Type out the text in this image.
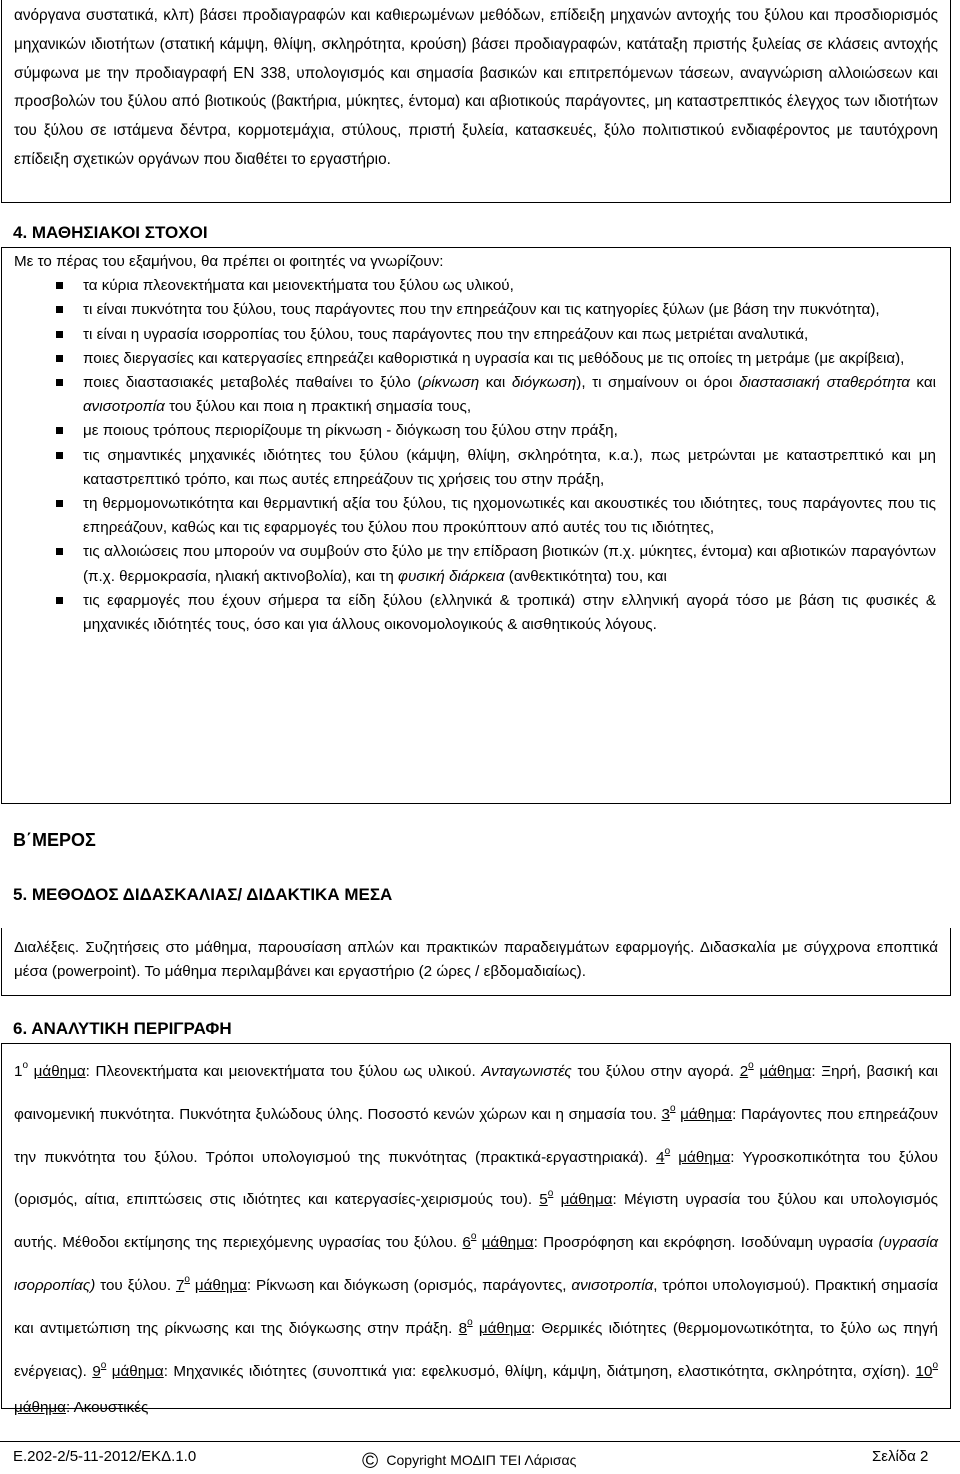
ανόργανα συστατικά, κλπ) βάσει προδιαγραφών και καθιερωμένων μεθόδων, επίδειξη μηχανών αντοχής του ξύλου και προσδιορισμός μηχανικών ιδιοτήτων (στατική κάμψη, θλίψη, σκληρότητα, κρούση) βάσει προδιαγραφών, κατάταξη πριστής ξυλείας σε κλάσεις αντοχής σύμφωνα με την προδιαγραφή EN 338, υπολογισμός και σημασία βασικών και επιτρεπόμενων τάσεων, αναγνώριση αλλοιώσεων και προσβολών του ξύλου από βιοτικούς (βακτήρια, μύκητες, έντομα) και αβιοτικούς παράγοντες, μη καταστρεπτικός έλεγχος των ιδιοτήτων του ξύλου σε ιστάμενα δέντρα, κορμοτεμάχια, στύλους, πριστή ξυλεία, κατασκευές, ξύλο πολιτιστικού ενδιαφέροντος με ταυτόχρονη επίδειξη σχετικών οργάνων που διαθέτει το εργαστήριο.
4. ΜΑΘΗΣΙΑΚΟΙ ΣΤΟΧΟΙ
Με το πέρας του εξαμήνου, θα πρέπει οι φοιτητές να γνωρίζουν:
τα κύρια πλεονεκτήματα και μειονεκτήματα του ξύλου ως υλικού,
τι είναι πυκνότητα του ξύλου, τους παράγοντες που την επηρεάζουν και τις κατηγορίες ξύλων (με βάση την πυκνότητα),
τι είναι η υγρασία ισορροπίας του ξύλου, τους παράγοντες που την επηρεάζουν και πως μετριέται αναλυτικά,
ποιες διεργασίες και κατεργασίες επηρεάζει καθοριστικά η υγρασία και τις μεθόδους με τις οποίες τη μετράμε (με ακρίβεια),
ποιες διαστασιακές μεταβολές παθαίνει το ξύλο (ρίκνωση και διόγκωση), τι σημαίνουν οι όροι διαστασιακή σταθερότητα και ανισοτροπία του ξύλου και ποια η πρακτική σημασία τους,
με ποιους τρόπους περιορίζουμε τη ρίκνωση - διόγκωση του ξύλου στην πράξη,
τις σημαντικές μηχανικές ιδιότητες του ξύλου (κάμψη, θλίψη, σκληρότητα, κ.α.), πως μετρώνται με καταστρεπτικό και μη καταστρεπτικό τρόπο, και πως αυτές επηρεάζουν τις χρήσεις του στην πράξη,
τη θερμομονωτικότητα και θερμαντική αξία του ξύλου, τις ηχομονωτικές και ακουστικές του ιδιότητες, τους παράγοντες που τις επηρεάζουν, καθώς και τις εφαρμογές του ξύλου που προκύπτουν από αυτές του τις ιδιότητες,
τις αλλοιώσεις που μπορούν να συμβούν στο ξύλο με την επίδραση βιοτικών (π.χ. μύκητες, έντομα) και αβιοτικών παραγόντων (π.χ. θερμοκρασία, ηλιακή ακτινοβολία), και τη φυσική διάρκεια (ανθεκτικότητα) του, και
τις εφαρμογές που έχουν σήμερα τα είδη ξύλου (ελληνικά & τροπικά) στην ελληνική αγορά τόσο με βάση τις φυσικές & μηχανικές ιδιότητές τους, όσο και για άλλους οικονομολογικούς & αισθητικούς λόγους.
Β΄ΜΕΡΟΣ
5. ΜΕΘΟΔΟΣ ΔΙΔΑΣΚΑΛΙΑΣ/ ΔΙΔΑΚΤΙΚΑ ΜΕΣΑ
Διαλέξεις. Συζητήσεις στο μάθημα, παρουσίαση απλών και πρακτικών παραδειγμάτων εφαρμογής. Διδασκαλία με σύγχρονα εποπτικά μέσα (powerpoint). Το μάθημα περιλαμβάνει και εργαστήριο (2 ώρες / εβδομαδιαίως).
6. ΑΝΑΛΥΤΙΚΗ ΠΕΡΙΓΡΑΦΗ
$1^o$ μάθημα: Πλεονεκτήματα και μειονεκτήματα του ξύλου ως υλικού. Ανταγωνιστές του ξύλου στην αγορά. $2^o$ μάθημα: Ξηρή, βασική και φαινομενική πυκνότητα. Πυκνότητα ξυλώδους ύλης. Ποσοστό κενών χώρων και η σημασία του. $3^o$ μάθημα: Παράγοντες που επηρεάζουν την πυκνότητα του ξύλου. Τρόποι υπολογισμού της πυκνότητας (πρακτικά-εργαστηριακά). $4^o$ μάθημα: Υγροσκοπικότητα του ξύλου (ορισμός, αίτια, επιπτώσεις στις ιδιότητες και κατεργασίες-χειρισμούς του). $5^o$ μάθημα: Μέγιστη υγρασία του ξύλου και υπολογισμός αυτής. Μέθοδοι εκτίμησης της περιεχόμενης υγρασίας του ξύλου. $6^o$ μάθημα: Προσρόφηση και εκρόφηση. Ισοδύναμη υγρασία (υγρασία ισορροπίας) του ξύλου. $7^o$ μάθημα: Ρίκνωση και διόγκωση (ορισμός, παράγοντες, ανισοτροπία, τρόποι υπολογισμού). Πρακτική σημασία και αντιμετώπιση της ρίκνωσης και της διόγκωσης στην πράξη. $8^o$ μάθημα: Θερμικές ιδιότητες (θερμομονωτικότητα, το ξύλο ως πηγή ενέργειας). $9^o$ μάθημα: Μηχανικές ιδιότητες (συνοπτικά για: εφελκυσμό, θλίψη, κάμψη, διάτμηση, ελαστικότητα, σκληρότητα, σχίση). $10^o$ μάθημα: Ακουστικές
Ε.202-2/5-11-2012/ΕΚΔ.1.0	© Copyright ΜΟΔΙΠ ΤΕΙ Λάρισας	Σελίδα 2
